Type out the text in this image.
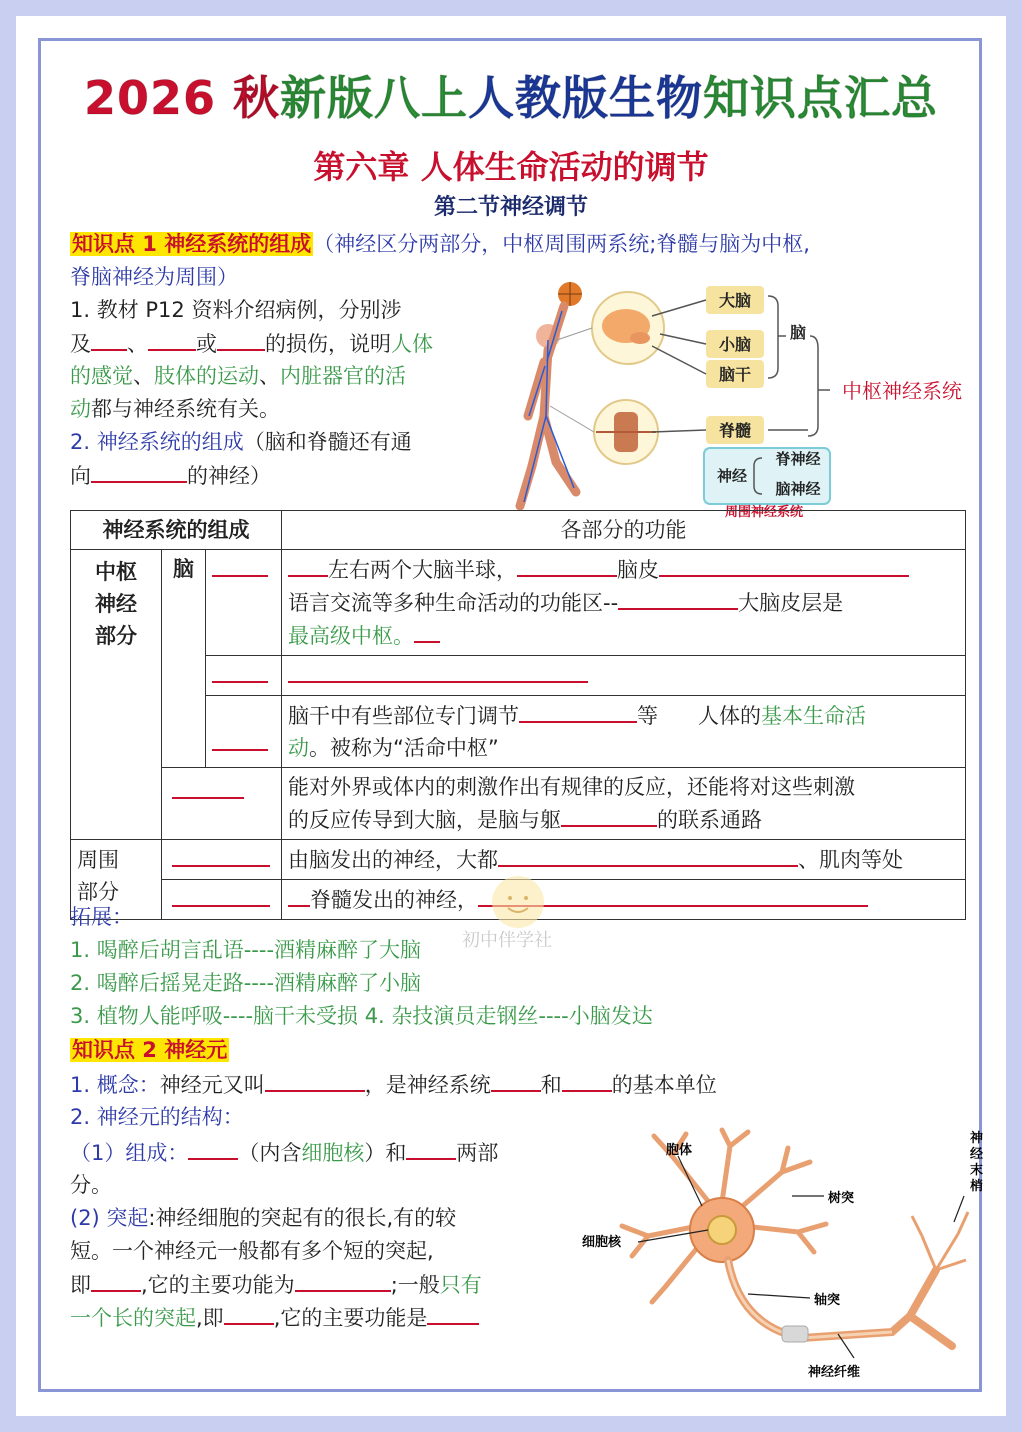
2026 秋新版八上人教版生物知识点汇总
第六章 人体生命活动的调节
第二节神经调节
知识点 1 神经系统的组成（神经区分两部分，中枢周围两系统;脊髓与脑为中枢,
脊脑神经为周围）
1. 教材 P12 资料介绍病例，分别涉
及 、 或 的损伤，说明人体
的感觉、肢体的运动、内脏器官的活
动都与神经系统有关。
2. 神经系统的组成（脑和脊髓还有通
向	的神经）
大脑
小脑
脑干
脊髓
脑
中枢神经系统
神经
脊神经
脑神经
周围神经系统
神经系统的组成			各部分的功能

中枢神经部分	脑		左右两个大脑半球， 脑皮
语言交流等多种生命活动的功能区-- 大脑皮层是
最高级中枢。

			脑干中有些部位专门调节 等 人体的基本生命活
动。被称为“活命中枢”

			能对外界或体内的刺激作出有规律的反应，还能将对这些刺激
的反应传导到大脑，是脑与躯 的联系通路

周围
部分			由脑发出的神经，大都 、肌肉等处
			脊髓发出的神经，
初中伴学社
拓展：
1. 喝醉后胡言乱语----酒精麻醉了大脑
2. 喝醉后摇晃走路----酒精麻醉了小脑
3. 植物人能呼吸----脑干未受损 4. 杂技演员走钢丝----小脑发达
知识点 2 神经元
1. 概念：神经元又叫	，是神经系统 和 的基本单位
2. 神经元的结构：
（1）组成： （内含细胞核）和 两部
分。
(2) 突起:神经细胞的突起有的很长,有的较
短。一个神经元一般都有多个短的突起,
即 ,它的主要功能为	;一般只有
一个长的突起,即 ,它的主要功能是
胞体
树突
细胞核
轴突
神经纤维
神经末梢
